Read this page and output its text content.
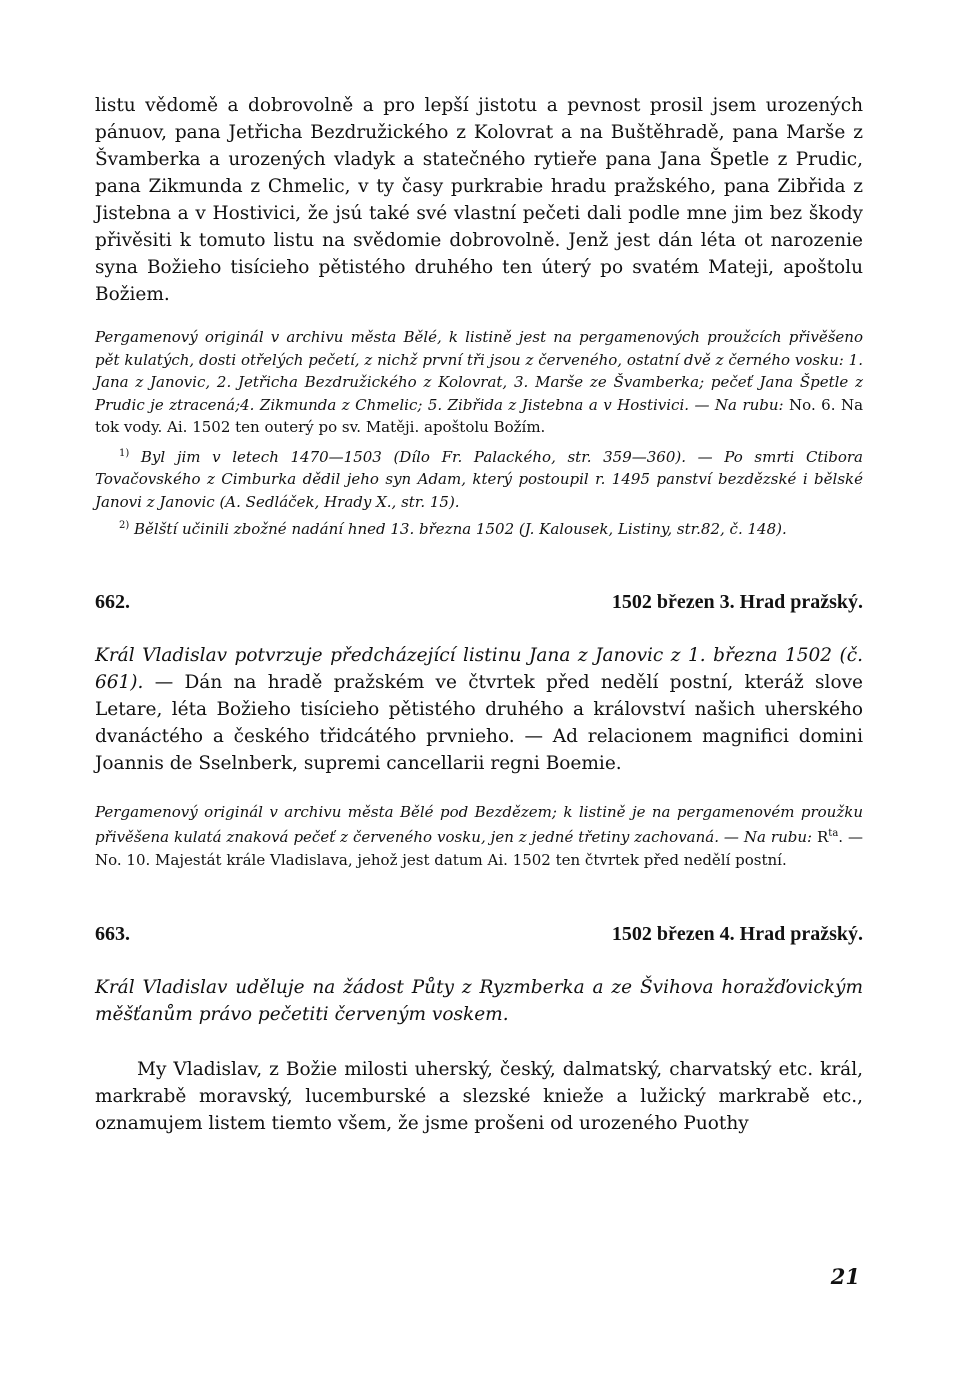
listu vědomě a dobrovolně a pro lepší jistotu a pevnost prosil jsem urozených pánuov, pana Jetřicha Bezdružického z Kolovrat a na Buštěhradě, pana Marše z Švamberka a urozených vladyk a statečného rytieře pana Jana Špetle z Prudic, pana Zikmunda z Chmelic, v ty časy purkrabie hradu pražského, pana Zibřida z Jistebna a v Hostivici, že jsú také své vlastní pečeti dali podle mne jim bez škody přivěsiti k tomuto listu na svědomie dobrovolně. Jenž jest dán léta ot narozenie syna Božieho tisícieho pětistého druhého ten úterý po svatém Mateji, apoštolu Božiem.

Pergamenový originál v archivu města Bělé, k listině jest na pergamenových proužcích přivěšeno pět kulatých, dosti otřelých pečetí, z nichž první tři jsou z červeného, ostatní dvě z černého vosku: 1. Jana z Janovic, 2. Jetřicha Bezdružického z Kolovrat, 3. Marše ze Švamberka; pečeť Jana Špetle z Prudic je ztracená;4. Zikmunda z Chmelic; 5. Zibřida z Jistebna a v Hostivici. — Na rubu: No. 6. Na tok vody. Ai. 1502 ten outerý po sv. Matěji. apoštolu Božím.

$^{1)}$ Byl jim v letech 1470—1503 (Dílo Fr. Palackého, str. 359—360). — Po smrti Ctibora Tovačovského z Cimburka dědil jeho syn Adam, který postoupil r. 1495 panství bezdězské i bělské Janovi z Janovic (A. Sedláček, Hrady X., str. 15).

$^{2)}$ Bělští učinili zbožné nadání hned 13. března 1502 (J. Kalousek, Listiny, str.82, č. 148).

662.	1502 březen 3. Hrad pražský.

Král Vladislav potvrzuje předcházející listinu Jana z Janovic z 1. března 1502 (č. 661). — Dán na hradě pražském ve čtvrtek před nedělí postní, kteráž slove Letare, léta Božieho tisícieho pětistého druhého a království našich uherského dvanáctého a českého třidcátého prvnieho. — Ad relacionem magnifici domini Joannis de Sselnberk, supremi cancellarii regni Boemie.

Pergamenový originál v archivu města Bělé pod Bezdězem; k listině je na pergamenovém proužku přivěšena kulatá znaková pečeť z červeného vosku, jen z jedné třetiny zachovaná. — Na rubu: $R^{ta}$. — No. 10. Majestát krále Vladislava, jehož jest datum Ai. 1502 ten čtvrtek před nedělí postní.

663.	1502 březen 4. Hrad pražský.

Král Vladislav uděluje na žádost Půty z Ryzmberka a ze Švihova horažďovickým měšťanům právo pečetiti červeným voskem.

My Vladislav, z Božie milosti uherský, český, dalmatský, charvatský etc. král, markrabě moravský, lucemburské a slezské knieže a lužický markrabě etc., oznamujem listem tiemto všem, že jsme prošeni od urozeného Puothy

21
